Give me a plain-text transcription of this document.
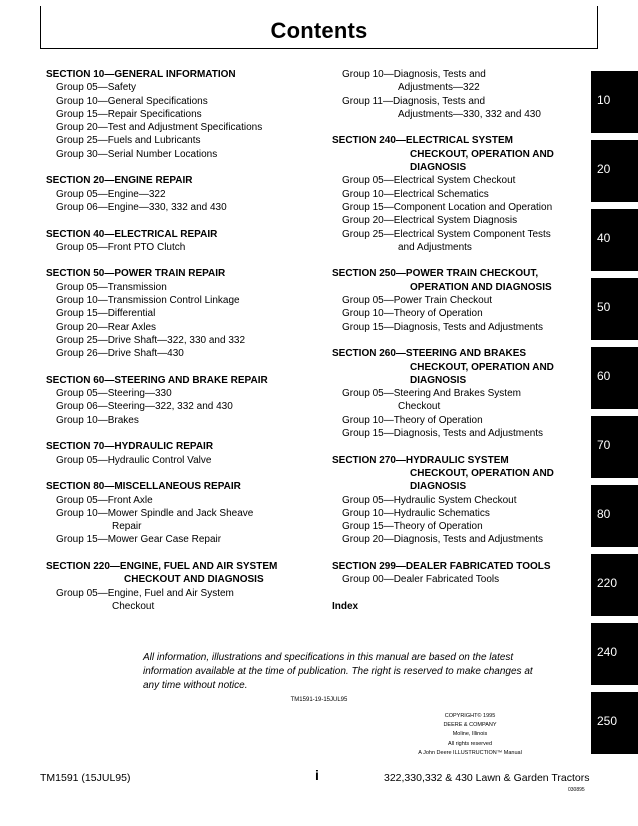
Contents
SECTION 10—GENERAL INFORMATION
Group 05—Safety
Group 10—General Specifications
Group 15—Repair Specifications
Group 20—Test and Adjustment Specifications
Group 25—Fuels and Lubricants
Group 30—Serial Number Locations
SECTION 20—ENGINE REPAIR
Group 05—Engine—322
Group 06—Engine—330, 332 and 430
SECTION 40—ELECTRICAL REPAIR
Group 05—Front PTO Clutch
SECTION 50—POWER TRAIN REPAIR
Group 05—Transmission
Group 10—Transmission Control Linkage
Group 15—Differential
Group 20—Rear Axles
Group 25—Drive Shaft—322, 330 and 332
Group 26—Drive Shaft—430
SECTION 60—STEERING AND BRAKE REPAIR
Group 05—Steering—330
Group 06—Steering—322, 332 and 430
Group 10—Brakes
SECTION 70—HYDRAULIC REPAIR
Group 05—Hydraulic Control Valve
SECTION 80—MISCELLANEOUS REPAIR
Group 05—Front Axle
Group 10—Mower Spindle and Jack Sheave
Repair
Group 15—Mower Gear Case Repair
SECTION 220—ENGINE, FUEL AND AIR SYSTEM
CHECKOUT AND DIAGNOSIS
Group 05—Engine, Fuel and Air System
Checkout
Group 10—Diagnosis, Tests and
Adjustments—322
Group 11—Diagnosis, Tests and
Adjustments—330, 332 and 430
SECTION 240—ELECTRICAL SYSTEM
CHECKOUT, OPERATION AND
DIAGNOSIS
Group 05—Electrical System Checkout
Group 10—Electrical Schematics
Group 15—Component Location and Operation
Group 20—Electrical System Diagnosis
Group 25—Electrical System Component Tests
and Adjustments
SECTION 250—POWER TRAIN CHECKOUT,
OPERATION AND DIAGNOSIS
Group 05—Power Train Checkout
Group 10—Theory of Operation
Group 15—Diagnosis, Tests and Adjustments
SECTION 260—STEERING AND BRAKES
CHECKOUT, OPERATION AND
DIAGNOSIS
Group 05—Steering And Brakes System
Checkout
Group 10—Theory of Operation
Group 15—Diagnosis, Tests and Adjustments
SECTION 270—HYDRAULIC SYSTEM
CHECKOUT, OPERATION AND
DIAGNOSIS
Group 05—Hydraulic System Checkout
Group 10—Hydraulic Schematics
Group 15—Theory of Operation
Group 20—Diagnosis, Tests and Adjustments
SECTION 299—DEALER FABRICATED TOOLS
Group 00—Dealer Fabricated Tools
Index
10
20
40
50
60
70
80
220
240
250
All information, illustrations and specifications in this manual are based on the latest information available at the time of publication. The right is reserved to make changes at any time without notice.
TM1591-19-15JUL95
COPYRIGHT© 1995
DEERE & COMPANY
Moline, Illinois
All rights reserved
A John Deere ILLUSTRUCTION™ Manual
TM1591 (15JUL95)	i	322,330,332 & 430 Lawn & Garden Tractors
030895
